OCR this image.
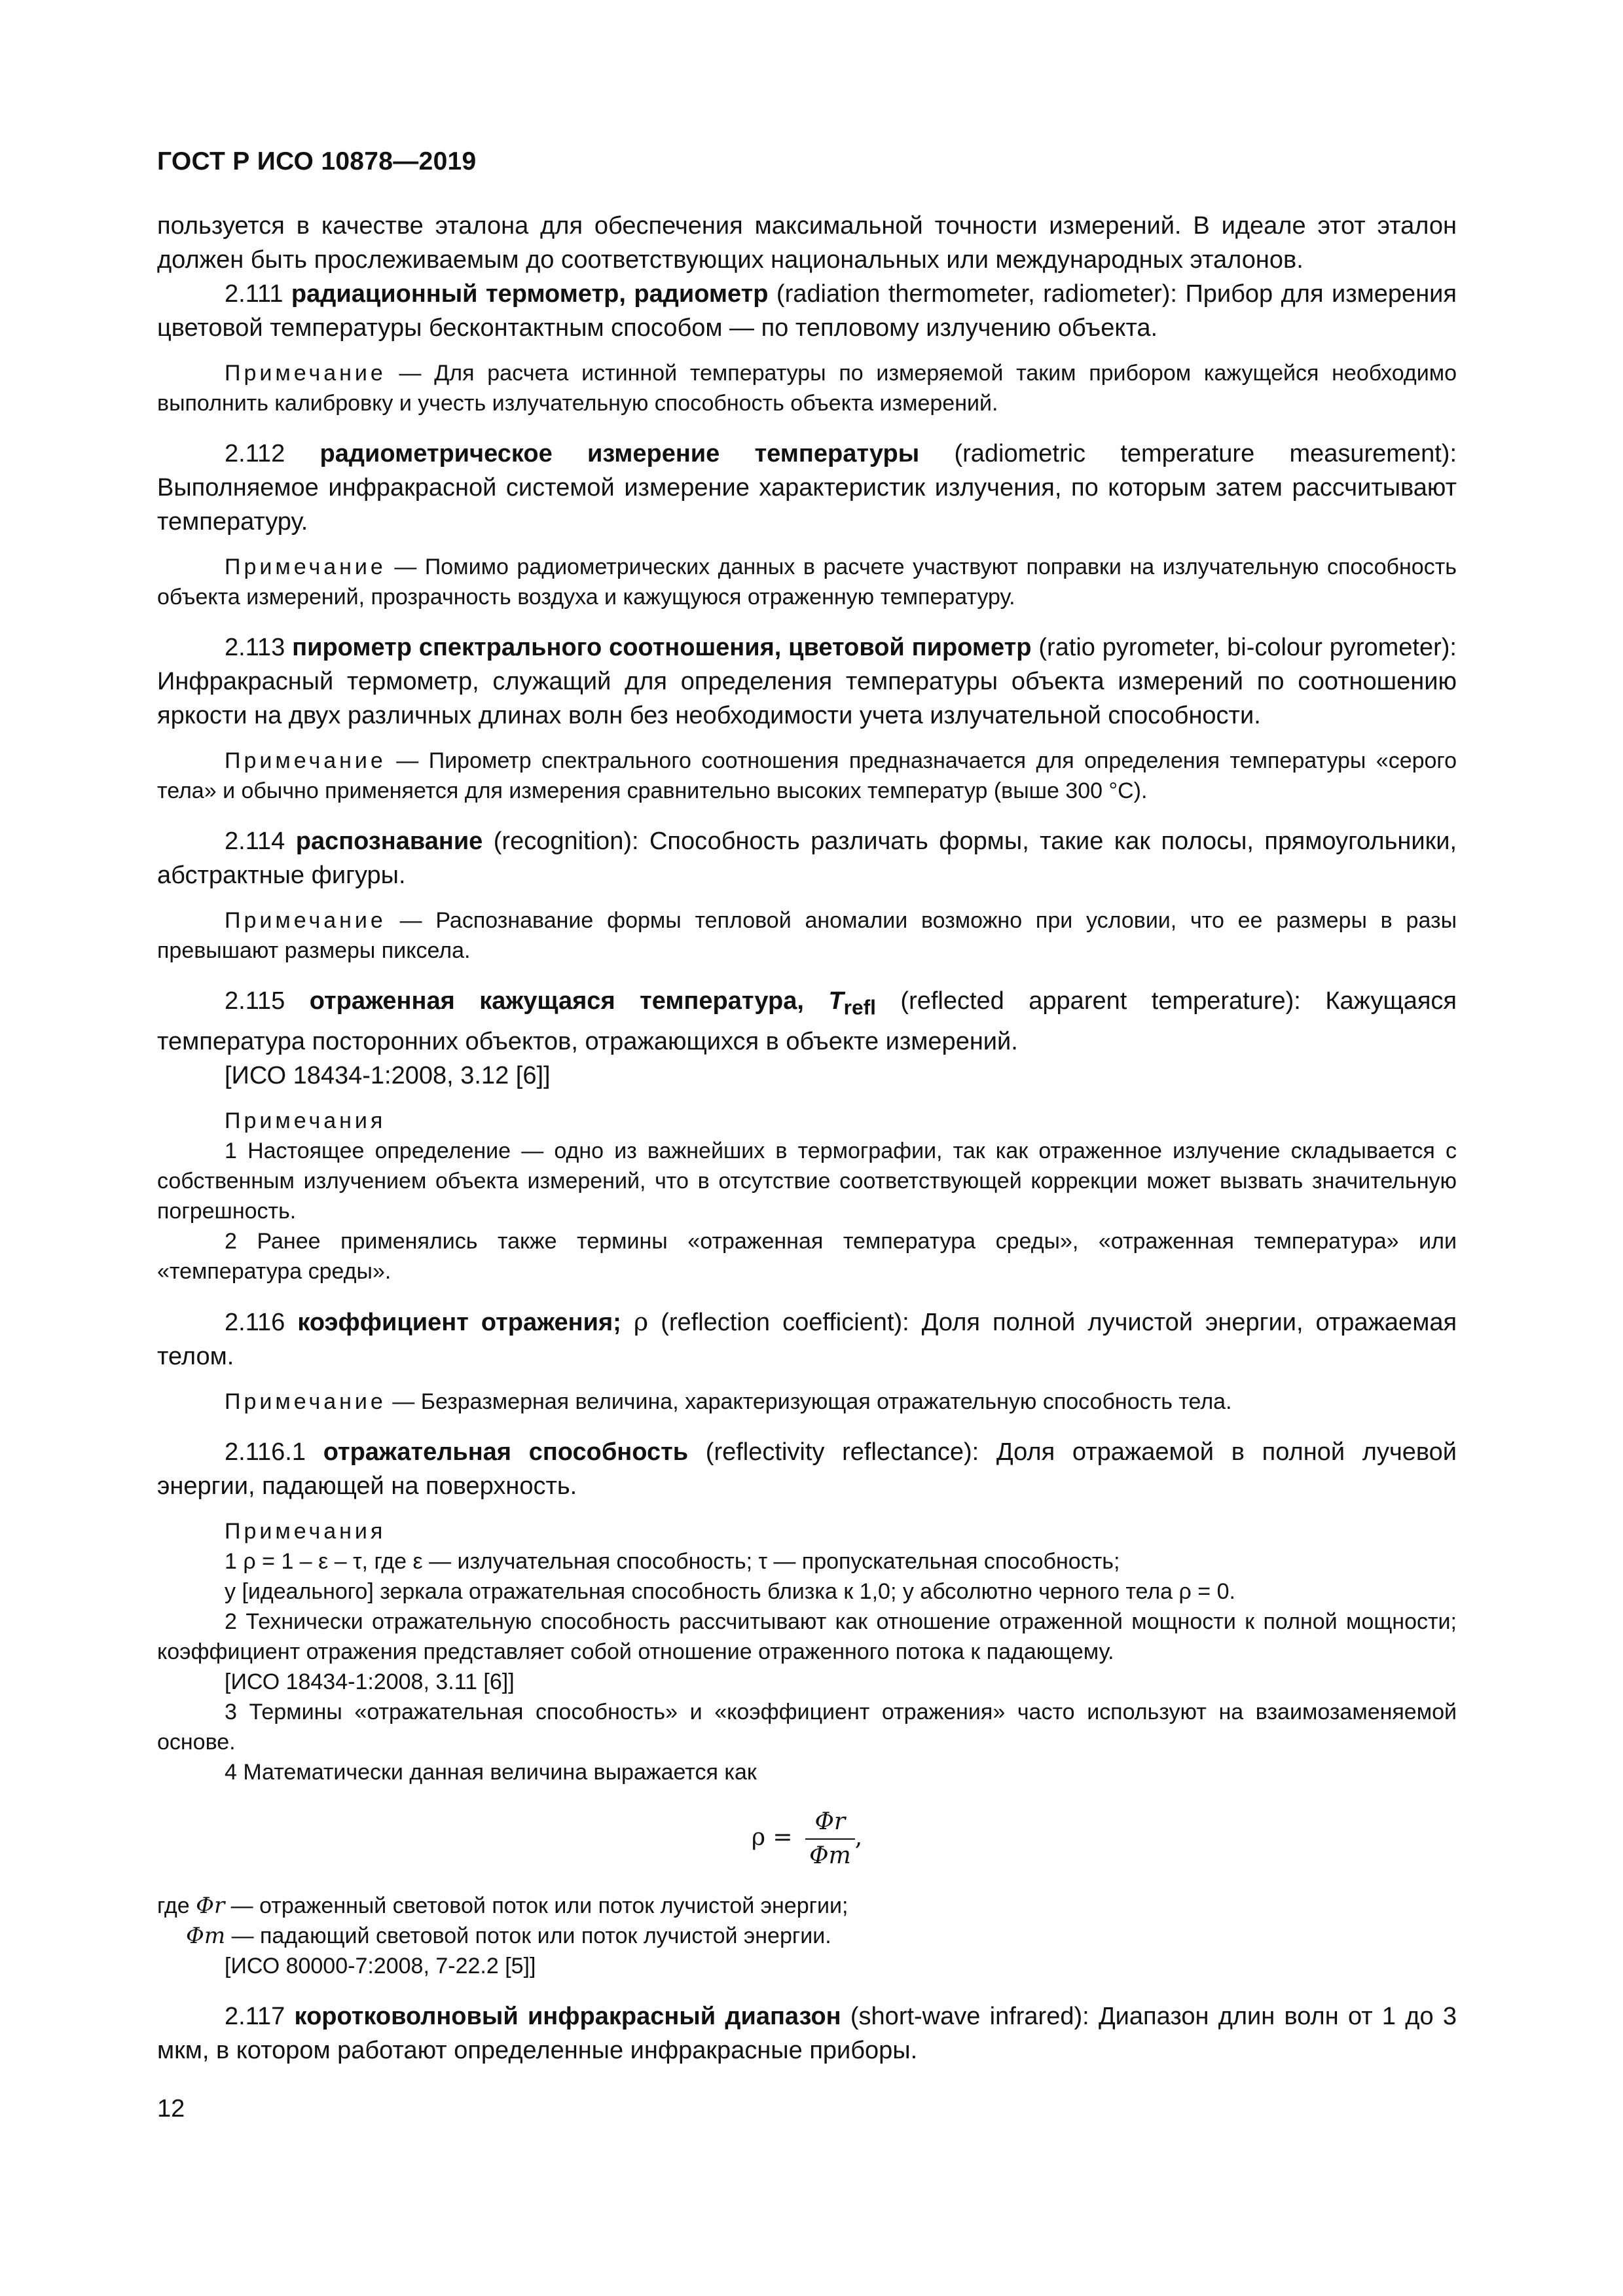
ГОСТ Р ИСО 10878—2019

пользуется в качестве эталона для обеспечения максимальной точности измерений. В идеале этот эталон должен быть прослеживаемым до соответствующих национальных или международных эталонов.

2.111 радиационный термометр, радиометр (radiation thermometer, radiometer): Прибор для измерения цветовой температуры бесконтактным способом — по тепловому излучению объекта.

Примечание — Для расчета истинной температуры по измеряемой таким прибором кажущейся необходимо выполнить калибровку и учесть излучательную способность объекта измерений.

2.112 радиометрическое измерение температуры (radiometric temperature measurement): Выполняемое инфракрасной системой измерение характеристик излучения, по которым затем рассчитывают температуру.

Примечание — Помимо радиометрических данных в расчете участвуют поправки на излучательную способность объекта измерений, прозрачность воздуха и кажущуюся отраженную температуру.

2.113 пирометр спектрального соотношения, цветовой пирометр (ratio pyrometer, bi-colour pyrometer): Инфракрасный термометр, служащий для определения температуры объекта измерений по соотношению яркости на двух различных длинах волн без необходимости учета излучательной способности.

Примечание — Пирометр спектрального соотношения предназначается для определения температуры «серого тела» и обычно применяется для измерения сравнительно высоких температур (выше 300 °С).

2.114 распознавание (recognition): Способность различать формы, такие как полосы, прямоугольники, абстрактные фигуры.

Примечание — Распознавание формы тепловой аномалии возможно при условии, что ее размеры в разы превышают размеры пиксела.

2.115 отраженная кажущаяся температура, $T_{refl}$ (reflected apparent temperature): Кажущаяся температура посторонних объектов, отражающихся в объекте измерений.

[ИСО 18434-1:2008, 3.12 [6]]

Примечания

1 Настоящее определение — одно из важнейших в термографии, так как отраженное излучение складывается с собственным излучением объекта измерений, что в отсутствие соответствующей коррекции может вызвать значительную погрешность.

2 Ранее применялись также термины «отраженная температура среды», «отраженная температура» или «температура среды».

2.116 коэффициент отражения; ρ (reflection coefficient): Доля полной лучистой энергии, отражаемая телом.

Примечание — Безразмерная величина, характеризующая отражательную способность тела.

2.116.1 отражательная способность (reflectivity reflectance): Доля отражаемой в полной лучевой энергии, падающей на поверхность.

Примечания

1 ρ = 1 – ε – τ, где ε — излучательная способность; τ — пропускательная способность;

у [идеального] зеркала отражательная способность близка к 1,0; у абсолютно черного тела ρ = 0.

2 Технически отражательную способность рассчитывают как отношение отраженной мощности к полной мощности; коэффициент отражения представляет собой отношение отраженного потока к падающему.

[ИСО 18434-1:2008, 3.11 [6]]

3 Термины «отражательная способность» и «коэффициент отражения» часто используют на взаимозаменяемой основе.

4 Математически данная величина выражается как

$\rho = \frac{\Phi r}{\Phi m}$ ,

где Φr — отраженный световой поток или поток лучистой энергии;

Φm — падающий световой поток или поток лучистой энергии.

[ИСО 80000-7:2008, 7-22.2 [5]]

2.117 коротковолновый инфракрасный диапазон (short-wave infrared): Диапазон длин волн от 1 до 3 мкм, в котором работают определенные инфракрасные приборы.

12
